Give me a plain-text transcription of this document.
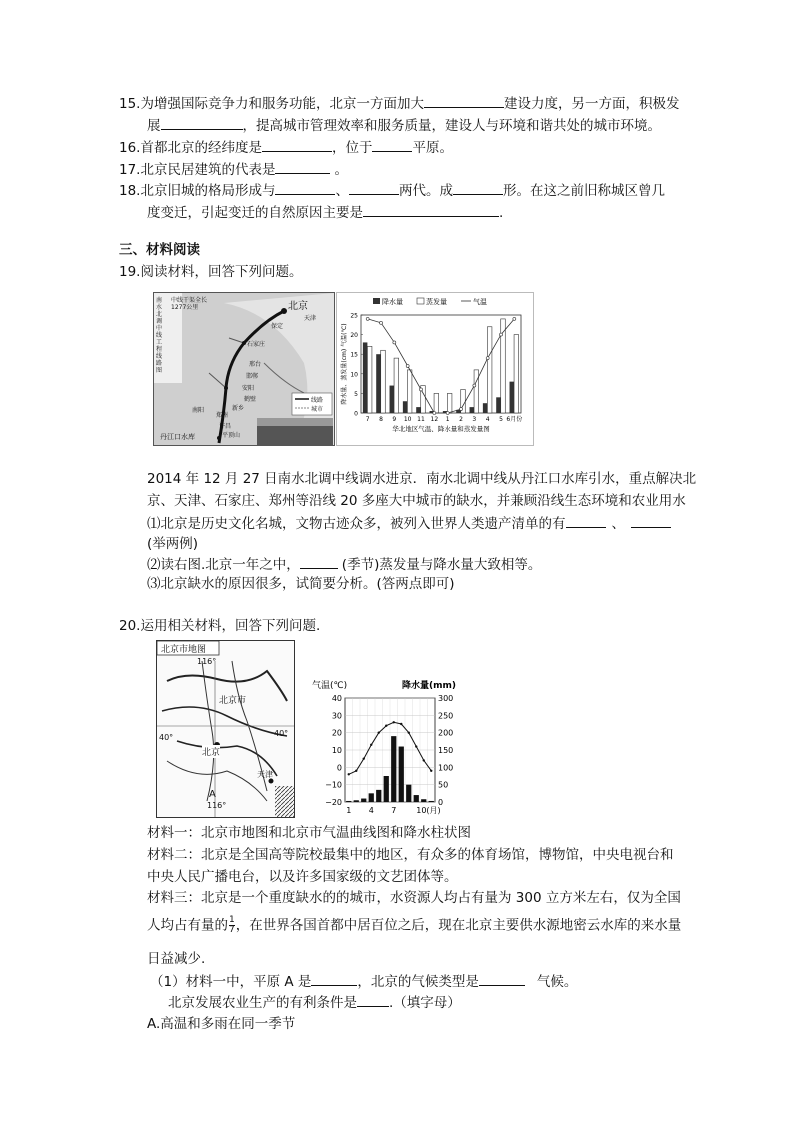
15.为增强国际竞争力和服务功能，北京一方面加大	建设力度，另一方面，积极发
展	，提高城市管理效率和服务质量，建设人与环境和谐共处的城市环境。
16.首都北京的经纬度是	，位于	平原。
17.北京民居建筑的代表是	。
18.北京旧城的格局形成与	、	两代。成	形。在这之前旧称城区曾几
度变迁，引起变迁的自然原因主要是	.
三、材料阅读
19.阅读材料，回答下列问题。
南水北调中线工程线路图
中线干渠全长 1277公里	北京
天津
保定
石家庄
邢台
邯郸
安阳
鹤壁
新乡
郑州
许昌
平顶山
南阳
丹江口水库
线路
城市
降水量	蒸发量	气温
25
20
15
10
5
0
降水量、蒸发量(cm) 气温(℃)
7 8 9 10 11 12 1 2 3 4 5 6月份
华北地区气温、降水量和蒸发量图
2014 年 12 月 27 日南水北调中线调水进京．南水北调中线从丹江口水库引水，重点解决北
京、天津、石家庄、郑州等沿线 20 多座大中城市的缺水，并兼顾沿线生态环境和农业用水
⑴北京是历史文化名城，文物古迹众多，被列入世界人类遗产清单的有	、
(举两例)
⑵读右图.北京一年之中，	(季节)蒸发量与降水量大致相等。
⑶北京缺水的原因很多，试简要分析。(答两点即可)
20.运用相关材料，回答下列问题.
北京市地图
116°
北京市
40°	40°
北京
天津
A
116°
气温(℃)	降水量(mm)
40
30
20
10
0
−10
−20
300
250
200
150
100
50
0
1 4 7 10(月)
材料一：北京市地图和北京市气温曲线图和降水柱状图
材料二：北京是全国高等院校最集中的地区，有众多的体育场馆，博物馆，中央电视台和
中央人民广播电台，以及许多国家级的文艺团体等。
材料三：北京是一个重度缺水的的城市，水资源人均占有量为 300 立方米左右，仅为全国
人均占有量的 $\frac{1}{7}$ ，在世界各国首都中居百位之后，现在北京主要供水源地密云水库的来水量
日益减少.
（1）材料一中，平原 A 是	，北京的气候类型是	气候。
北京发展农业生产的有利条件是 .（填字母）
A.高温和多雨在同一季节
